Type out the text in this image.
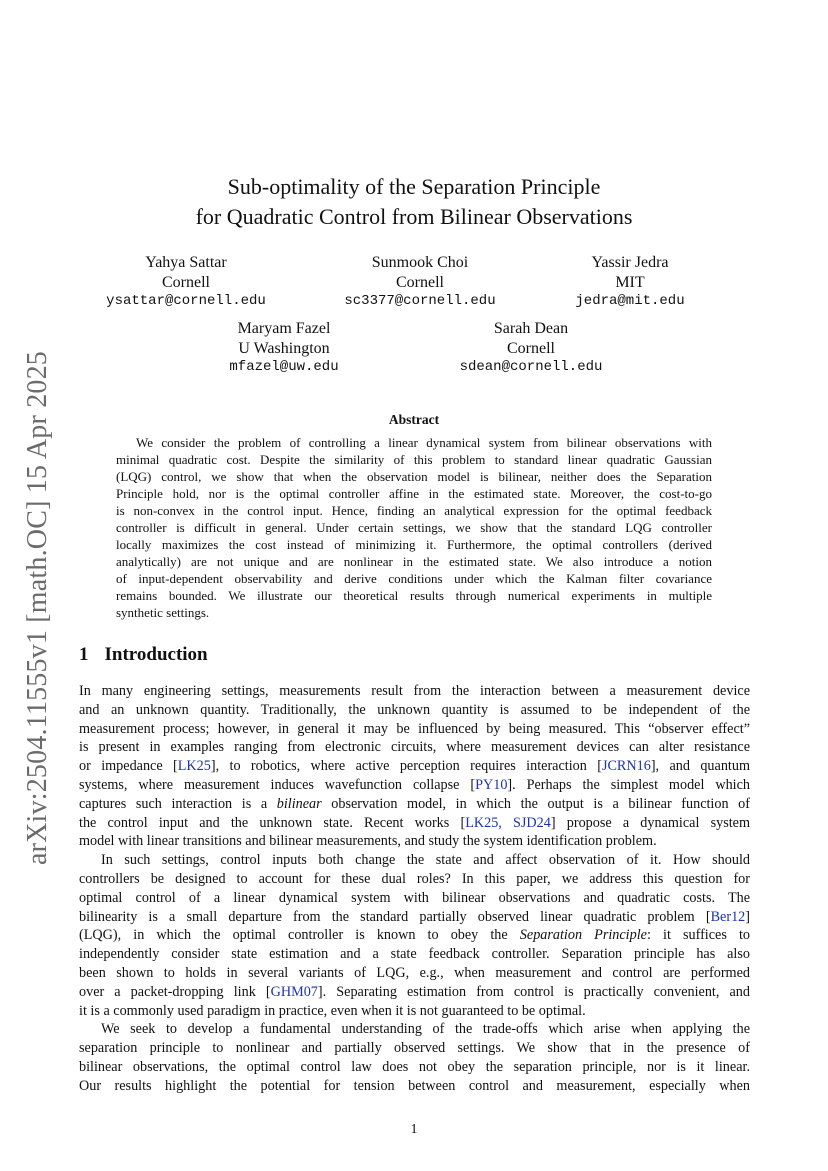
arXiv:2504.11555v1 [math.OC] 15 Apr 2025
Sub-optimality of the Separation Principle
for Quadratic Control from Bilinear Observations
Yahya Sattar
Cornell
ysattar@cornell.edu
Sunmook Choi
Cornell
sc3377@cornell.edu
Yassir Jedra
MIT
jedra@mit.edu
Maryam Fazel
U Washington
mfazel@uw.edu
Sarah Dean
Cornell
sdean@cornell.edu
Abstract
We consider the problem of controlling a linear dynamical system from bilinear observations with
minimal quadratic cost. Despite the similarity of this problem to standard linear quadratic Gaussian
(LQG) control, we show that when the observation model is bilinear, neither does the Separation
Principle hold, nor is the optimal controller affine in the estimated state. Moreover, the cost-to-go
is non-convex in the control input. Hence, finding an analytical expression for the optimal feedback
controller is difficult in general. Under certain settings, we show that the standard LQG controller
locally maximizes the cost instead of minimizing it. Furthermore, the optimal controllers (derived
analytically) are not unique and are nonlinear in the estimated state. We also introduce a notion
of input-dependent observability and derive conditions under which the Kalman filter covariance
remains bounded. We illustrate our theoretical results through numerical experiments in multiple
synthetic settings.
1 Introduction
In many engineering settings, measurements result from the interaction between a measurement device
and an unknown quantity. Traditionally, the unknown quantity is assumed to be independent of the
measurement process; however, in general it may be influenced by being measured. This “observer effect”
is present in examples ranging from electronic circuits, where measurement devices can alter resistance
or impedance [LK25], to robotics, where active perception requires interaction [JCRN16], and quantum
systems, where measurement induces wavefunction collapse [PY10]. Perhaps the simplest model which
captures such interaction is a bilinear observation model, in which the output is a bilinear function of
the control input and the unknown state. Recent works [LK25, SJD24] propose a dynamical system
model with linear transitions and bilinear measurements, and study the system identification problem.
In such settings, control inputs both change the state and affect observation of it. How should
controllers be designed to account for these dual roles? In this paper, we address this question for
optimal control of a linear dynamical system with bilinear observations and quadratic costs. The
bilinearity is a small departure from the standard partially observed linear quadratic problem [Ber12]
(LQG), in which the optimal controller is known to obey the Separation Principle: it suffices to
independently consider state estimation and a state feedback controller. Separation principle has also
been shown to holds in several variants of LQG, e.g., when measurement and control are performed
over a packet-dropping link [GHM07]. Separating estimation from control is practically convenient, and
it is a commonly used paradigm in practice, even when it is not guaranteed to be optimal.
We seek to develop a fundamental understanding of the trade-offs which arise when applying the
separation principle to nonlinear and partially observed settings. We show that in the presence of
bilinear observations, the optimal control law does not obey the separation principle, nor is it linear.
Our results highlight the potential for tension between control and measurement, especially when
1
